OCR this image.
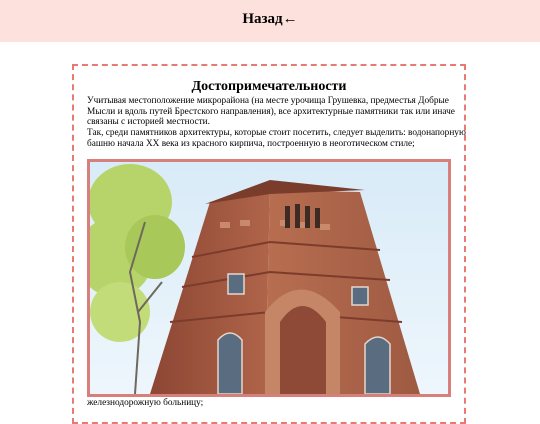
Назад←
Достопримечательности
Учитывая местоположение микрорайона (на месте урочища Грушевка, предместья Добрые Мысли и вдоль путей Брестского направления), все архитектурные памятники так или иначе связаны с историей местности.
Так, среди памятников архитектуры, которые стоит посетить, следует выделить: водонапорную башню начала XX века из красного кирпича, построенную в неоготическом стиле;
железнодорожную больницу;
